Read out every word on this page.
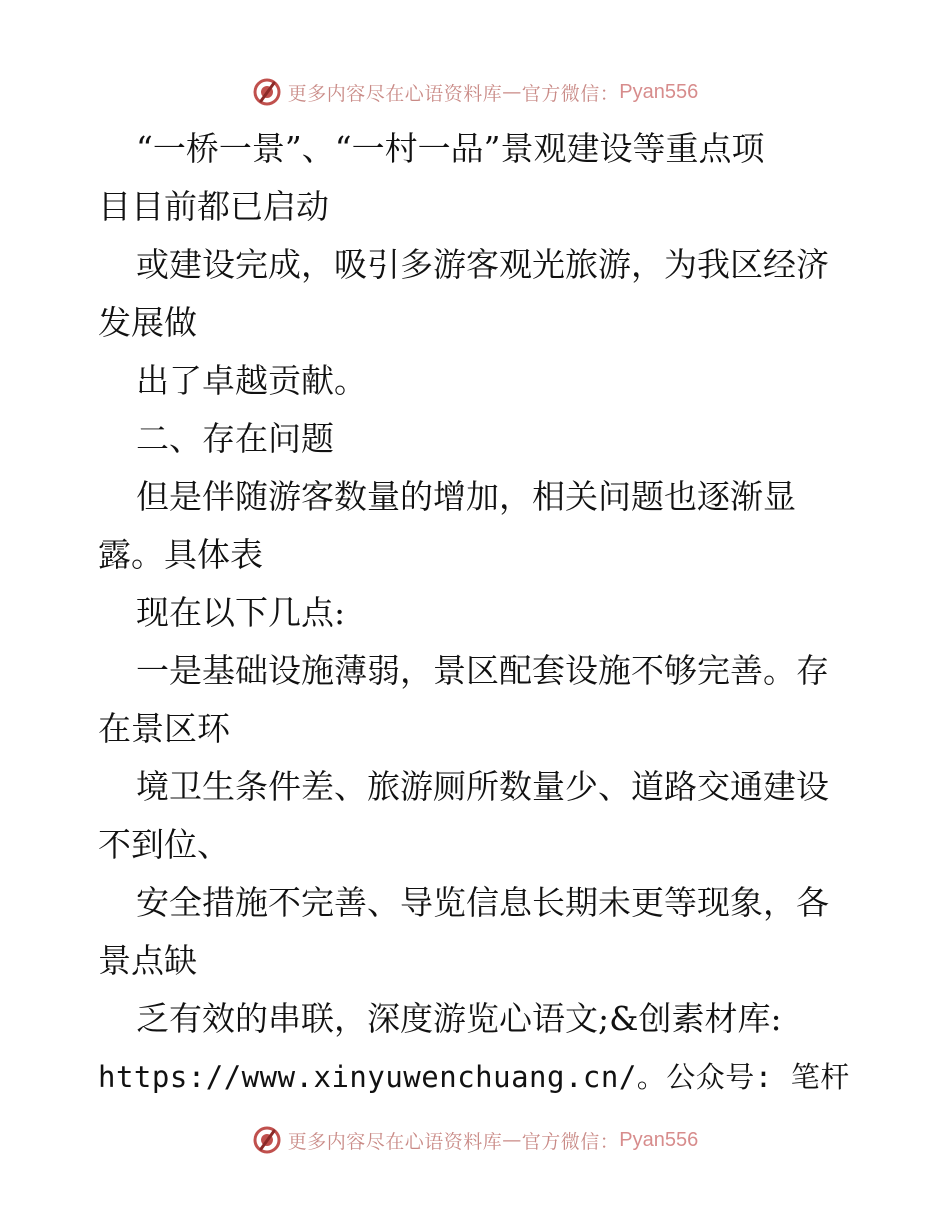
更多内容尽在心语资料库 — 官方微信： Pyan556
“一桥一景”、“一村一品”景观建设等重点项
目目前都已启动
或建设完成，吸引多游客观光旅游，为我区经济
发展做
出了卓越贡献。
二、存在问题
但是伴随游客数量的增加，相关问题也逐渐显
露。具体表
现在以下几点:
一是基础设施薄弱，景区配套设施不够完善。存
在景区环
境卫生条件差、旅游厕所数量少、道路交通建设
不到位、
安全措施不完善、导览信息长期未更等现象，各
景点缺
乏有效的串联，深度游览心语文;&创素材库:
https://www.xinyuwenchuang.cn/。公众号: 笔杆
更多内容尽在心语资料库 — 官方微信： Pyan556
